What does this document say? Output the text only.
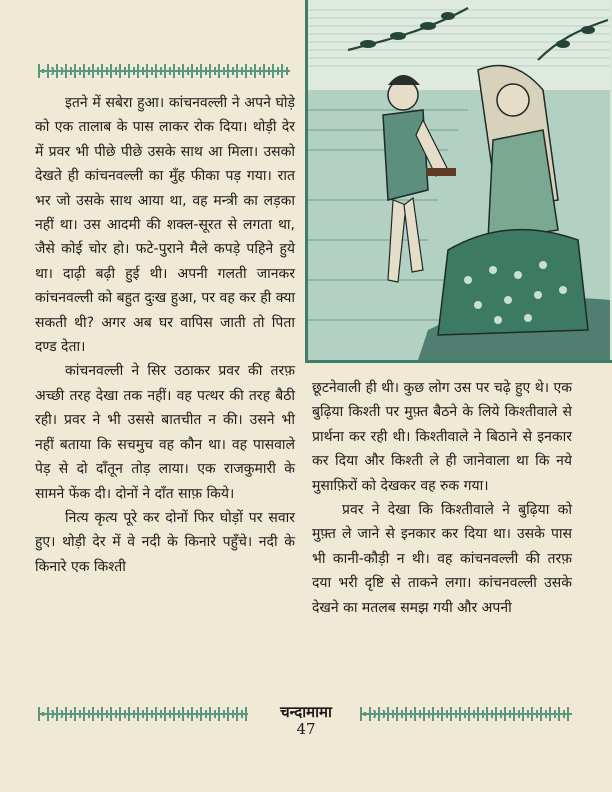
इतने में सबेरा हुआ। कांचनवल्ली ने अपने घोड़े को एक तालाब के पास लाकर रोक दिया। थोड़ी देर में प्रवर भी पीछे पीछे उसके साथ आ मिला। उसको देखते ही कांचनवल्ली का मुँह फीका पड़ गया। रात भर जो उसके साथ आया था, वह मन्त्री का लड़का नहीं था। उस आदमी की शक्ल-सूरत से लगता था, जैसे कोई चोर हो। फटे-पुराने मैले कपड़े पहिने हुये था। दाढ़ी बढ़ी हुई थी। अपनी गलती जानकर कांचनवल्ली को बहुत दुःख हुआ, पर वह कर ही क्या सकती थी? अगर अब घर वापिस जाती तो पिता दण्ड देता।

कांचनवल्ली ने सिर उठाकर प्रवर की तरफ़ अच्छी तरह देखा तक नहीं। वह पत्थर की तरह बैठी रही। प्रवर ने भी उससे बातचीत न की। उसने भी नहीं बताया कि सचमुच वह कौन था। वह पासवाले पेड़ से दो दाँतून तोड़ लाया। एक राजकुमारी के सामने फेंक दी। दोनों ने दाँत साफ़ किये।

नित्य कृत्य पूरे कर दोनों फिर घोड़ों पर सवार हुए। थोड़ी देर में वे नदी के किनारे पहुँचे। नदी के किनारे एक किश्ती

छूटनेवाली ही थी। कुछ लोग उस पर चढ़े हुए थे। एक बुढ़िया किश्ती पर मुफ़्त बैठने के लिये किश्तीवाले से प्रार्थना कर रही थी। किश्तीवाले ने बिठाने से इनकार कर दिया और किश्ती ले ही जानेवाला था कि नये मुसाफ़िरों को देखकर वह रुक गया।

प्रवर ने देखा कि किश्तीवाले ने बुढ़िया को मुफ़्त ले जाने से इनकार कर दिया था। उसके पास भी कानी-कौड़ी न थी। वह कांचनवल्ली की तरफ़ दया भरी दृष्टि से ताकने लगा। कांचनवल्ली उसके देखने का मतलब समझ गयी और अपनी

चन्दामामा
47
